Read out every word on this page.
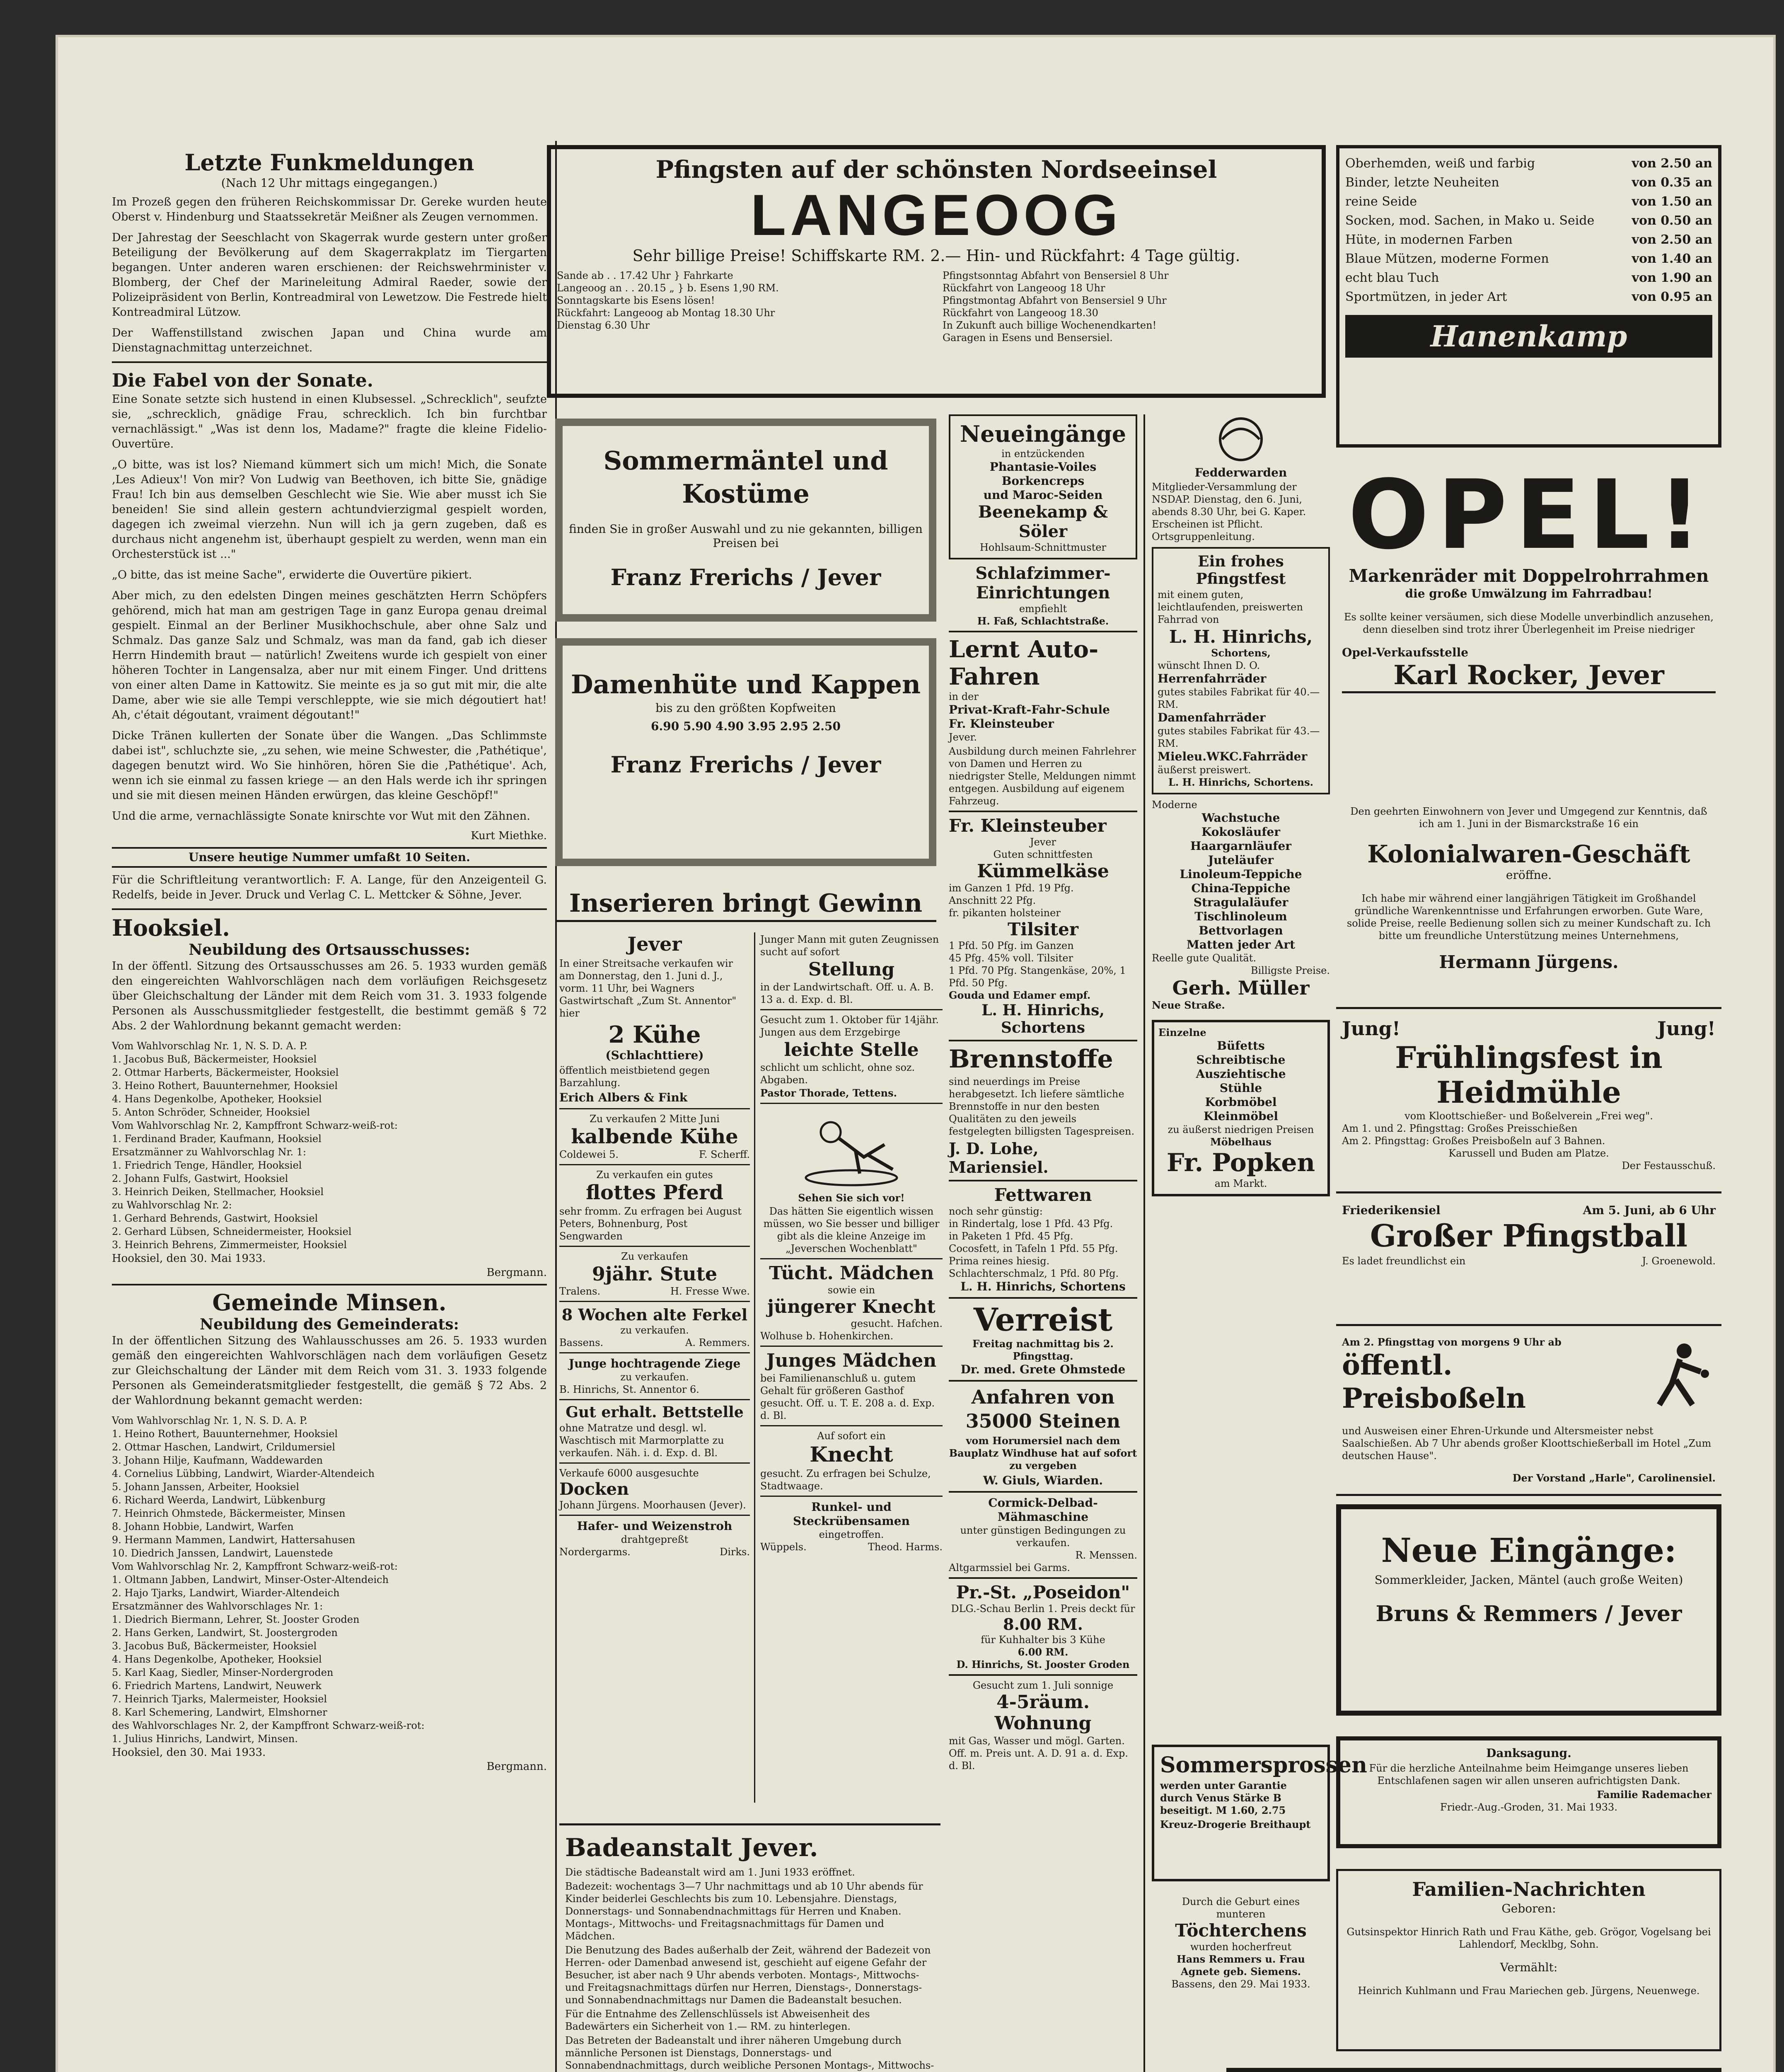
Letzte Funkmeldungen
(Nach 12 Uhr mittags eingegangen.)

Im Prozeß gegen den früheren Reichskommissar Dr. Gereke wurden heute Oberst v. Hindenburg und Staatssekretär Meißner als Zeugen vernommen.

Der Jahrestag der Seeschlacht von Skagerrak wurde gestern unter großer Beteiligung der Bevölkerung auf dem Skagerrakplatz im Tiergarten begangen. Unter anderen waren erschienen: der Reichswehrminister v. Blomberg, der Chef der Marineleitung Admiral Raeder, sowie der Polizeipräsident von Berlin, Kontreadmiral von Lewetzow. Die Festrede hielt Kontreadmiral Lützow.

Der Waffenstillstand zwischen Japan und China wurde am Dienstagnachmittag unterzeichnet.

Die Fabel von der Sonate.

Eine Sonate setzte sich hustend in einen Klubsessel. „Schrecklich", seufzte sie, „schrecklich, gnädige Frau, schrecklich. Ich bin furchtbar vernachlässigt." „Was ist denn los, Madame?" fragte die kleine Fidelio-Ouvertüre.

„O bitte, was ist los? Niemand kümmert sich um mich! Mich, die Sonate ‚Les Adieux'! Von mir? Von Ludwig van Beethoven, ich bitte Sie, gnädige Frau! Ich bin aus demselben Geschlecht wie Sie. Wie aber musst ich Sie beneiden! Sie sind allein gestern achtundvierzigmal gespielt worden, dagegen ich zweimal vierzehn. Nun will ich ja gern zugeben, daß es durchaus nicht angenehm ist, überhaupt gespielt zu werden, wenn man ein Orchesterstück ist ..."

„O bitte, das ist meine Sache", erwiderte die Ouvertüre pikiert.

Aber mich, zu den edelsten Dingen meines geschätzten Herrn Schöpfers gehörend, mich hat man am gestrigen Tage in ganz Europa genau dreimal gespielt. Einmal an der Berliner Musikhochschule, aber ohne Salz und Schmalz. Das ganze Salz und Schmalz, was man da fand, gab ich dieser Herrn Hindemith braut — natürlich! Zweitens wurde ich gespielt von einer höheren Tochter in Langensalza, aber nur mit einem Finger. Und drittens von einer alten Dame in Kattowitz. Sie meinte es ja so gut mit mir, die alte Dame, aber wie sie alle Tempi verschleppte, wie sie mich dégoutiert hat! Ah, c'était dégoutant, vraiment dégoutant!"

Dicke Tränen kullerten der Sonate über die Wangen. „Das Schlimmste dabei ist", schluchzte sie, „zu sehen, wie meine Schwester, die ‚Pathétique', dagegen benutzt wird. Wo Sie hinhören, hören Sie die ‚Pathétique'. Ach, wenn ich sie einmal zu fassen kriege — an den Hals werde ich ihr springen und sie mit diesen meinen Händen erwürgen, das kleine Geschöpf!"

Und die arme, vernachlässigte Sonate knirschte vor Wut mit den Zähnen.

Kurt Miethke.
Unsere heutige Nummer umfaßt 10 Seiten.

Für die Schriftleitung verantwortlich: F. A. Lange, für den Anzeigenteil G. Redelfs, beide in Jever. Druck und Verlag C. L. Mettcker & Söhne, Jever.

Hooksiel.
Neubildung des Ortsausschusses:

In der öffentl. Sitzung des Ortsausschusses am 26. 5. 1933 wurden gemäß den eingereichten Wahlvorschlägen nach dem vorläufigen Reichsgesetz über Gleichschaltung der Länder mit dem Reich vom 31. 3. 1933 folgende Personen als Ausschussmitglieder festgestellt, die bestimmt gemäß § 72 Abs. 2 der Wahlordnung bekannt gemacht werden:

Vom Wahlvorschlag Nr. 1, N. S. D. A. P.
1. Jacobus Buß, Bäckermeister, Hooksiel
2. Ottmar Harberts, Bäckermeister, Hooksiel
3. Heino Rothert, Bauunternehmer, Hooksiel
4. Hans Degenkolbe, Apotheker, Hooksiel
5. Anton Schröder, Schneider, Hooksiel
Vom Wahlvorschlag Nr. 2, Kampffront Schwarz-weiß-rot:
1. Ferdinand Brader, Kaufmann, Hooksiel
Ersatzmänner zu Wahlvorschlag Nr. 1:
1. Friedrich Tenge, Händler, Hooksiel
2. Johann Fulfs, Gastwirt, Hooksiel
3. Heinrich Deiken, Stellmacher, Hooksiel
zu Wahlvorschlag Nr. 2:
1. Gerhard Behrends, Gastwirt, Hooksiel
2. Gerhard Lübsen, Schneidermeister, Hooksiel
3. Heinrich Behrens, Zimmermeister, Hooksiel
Hooksiel, den 30. Mai 1933.
Bergmann.
Gemeinde Minsen.
Neubildung des Gemeinderats:

In der öffentlichen Sitzung des Wahlausschusses am 26. 5. 1933 wurden gemäß den eingereichten Wahlvorschlägen nach dem vorläufigen Gesetz zur Gleichschaltung der Länder mit dem Reich vom 31. 3. 1933 folgende Personen als Gemeinderatsmitglieder festgestellt, die gemäß § 72 Abs. 2 der Wahlordnung bekannt gemacht werden:

Vom Wahlvorschlag Nr. 1, N. S. D. A. P.
1. Heino Rothert, Bauunternehmer, Hooksiel
2. Ottmar Haschen, Landwirt, Crildumersiel
3. Johann Hilje, Kaufmann, Waddewarden
4. Cornelius Lübbing, Landwirt, Wiarder-Altendeich
5. Johann Janssen, Arbeiter, Hooksiel
6. Richard Weerda, Landwirt, Lübkenburg
7. Heinrich Ohmstede, Bäckermeister, Minsen
8. Johann Hobbie, Landwirt, Warfen
9. Hermann Mammen, Landwirt, Hattersahusen
10. Diedrich Janssen, Landwirt, Lauenstede
Vom Wahlvorschlag Nr. 2, Kampffront Schwarz-weiß-rot:
1. Oltmann Jabben, Landwirt, Minser-Oster-Altendeich
2. Hajo Tjarks, Landwirt, Wiarder-Altendeich
Ersatzmänner des Wahlvorschlages Nr. 1:
1. Diedrich Biermann, Lehrer, St. Jooster Groden
2. Hans Gerken, Landwirt, St. Joostergroden
3. Jacobus Buß, Bäckermeister, Hooksiel
4. Hans Degenkolbe, Apotheker, Hooksiel
5. Karl Kaag, Siedler, Minser-Nordergroden
6. Friedrich Martens, Landwirt, Neuwerk
7. Heinrich Tjarks, Malermeister, Hooksiel
8. Karl Schemering, Landwirt, Elmshorner
des Wahlvorschlages Nr. 2, der Kampffront Schwarz-weiß-rot:
1. Julius Hinrichs, Landwirt, Minsen.
Hooksiel, den 30. Mai 1933.
Bergmann.
Pfingsten auf der schönsten Nordseeinsel
LANGEOOG
Sehr billige Preise! Schiffskarte RM. 2.— Hin- und Rückfahrt: 4 Tage gültig.
Sande ab . . 17.42 Uhr } Fahrkarte
Langeoog an . . 20.15 „ } b. Esens 1,90 RM.
Sonntagskarte bis Esens lösen!
Rückfahrt: Langeoog ab Montag 18.30 Uhr
Dienstag 6.30 Uhr
Pfingstsonntag Abfahrt von Bensersiel 8 Uhr
Rückfahrt von Langeoog 18 Uhr
Pfingstmontag Abfahrt von Bensersiel 9 Uhr
Rückfahrt von Langeoog 18.30
In Zukunft auch billige Wochenendkarten!
Garagen in Esens und Bensersiel.
Oberhemden, weiß und farbig	von 2.50 an
Binder, letzte Neuheiten	von 0.35 an
reine Seide	von 1.50 an
Socken, mod. Sachen, in Mako u. Seide	von 0.50 an
Hüte, in modernen Farben	von 2.50 an
Blaue Mützen, moderne Formen	von 1.40 an
echt blau Tuch	von 1.90 an
Sportmützen, in jeder Art	von 0.95 an
Hanenkamp
OPEL!
Markenräder mit Doppelrohrrahmen
die große Umwälzung im Fahrradbau!

Es sollte keiner versäumen, sich diese Modelle unverbindlich anzusehen, denn dieselben sind trotz ihrer Überlegenheit im Preise niedriger

Opel-Verkaufsstelle
Karl Rocker, Jever

Den geehrten Einwohnern von Jever und Umgegend zur Kenntnis, daß ich am 1. Juni in der Bismarckstraße 16 ein

Kolonialwaren-Geschäft
eröffne.

Ich habe mir während einer langjährigen Tätigkeit im Großhandel gründliche Warenkenntnisse und Erfahrungen erworben. Gute Ware, solide Preise, reelle Bedienung sollen sich zu meiner Kundschaft zu. Ich bitte um freundliche Unterstützung meines Unternehmens,

Hermann Jürgens.
Jung!	Jung!
Frühlingsfest in Heidmühle
vom Kloottschießer- und Boßelverein „Frei weg".
Am 1. und 2. Pfingsttag: Großes Preisschießen
Am 2. Pfingsttag: Großes Preisboßeln auf 3 Bahnen.
Karussell und Buden am Platze.
Der Festausschuß.
Friederikensiel	Am 5. Juni, ab 6 Uhr
Großer Pfingstball
Es ladet freundlichst ein	J. Groenewold.
Am 2. Pfingsttag von morgens 9 Uhr ab
öffentl. Preisboßeln

und Ausweisen einer Ehren-Urkunde und Altersmeister nebst Saalschießen. Ab 7 Uhr abends großer Kloottschießerball im Hotel „Zum deutschen Hause".

Der Vorstand „Harle", Carolinensiel.
Neue Eingänge:
Sommerkleider, Jacken, Mäntel (auch große Weiten)
Bruns & Remmers / Jever
Danksagung.

Für die herzliche Anteilnahme beim Heimgange unseres lieben Entschlafenen sagen wir allen unseren aufrichtigsten Dank.

Familie Rademacher
Friedr.-Aug.-Groden, 31. Mai 1933.
Familien-Nachrichten
Geboren:

Gutsinspektor Hinrich Rath und Frau Käthe, geb. Grögor, Vogelsang bei Lahlendorf, Mecklbg, Sohn.

Vermählt:

Heinrich Kuhlmann und Frau Mariechen geb. Jürgens, Neuenwege.

Sommermäntel und Kostüme

finden Sie in großer Auswahl und zu nie gekannten, billigen Preisen bei

Franz Frerichs / Jever
Damenhüte und Kappen
bis zu den größten Kopfweiten
6.90 5.90 4.90 3.95 2.95 2.50
Franz Frerichs / Jever
Inserieren bringt Gewinn
Jever

In einer Streitsache verkaufen wir am Donnerstag, den 1. Juni d. J., vorm. 11 Uhr, bei Wagners Gastwirtschaft „Zum St. Annentor" hier

2 Kühe
(Schlachttiere)

öffentlich meistbietend gegen Barzahlung.

Erich Albers & Fink
Zu verkaufen 2 Mitte Juni
kalbende Kühe
Coldewei 5.	F. Scherff.
Zu verkaufen ein gutes
flottes Pferd

sehr fromm. Zu erfragen bei August Peters, Bohnenburg, Post Sengwarden

Zu verkaufen
9jähr. Stute
Tralens.	H. Fresse Wwe.
8 Wochen alte Ferkel
zu verkaufen.
Bassens.	A. Remmers.
Junge hochtragende Ziege
zu verkaufen.
B. Hinrichs, St. Annentor 6.
Gut erhalt. Bettstelle

ohne Matratze und desgl. wl. Waschtisch mit Marmorplatte zu verkaufen. Näh. i. d. Exp. d. Bl.

Verkaufe 6000 ausgesuchte
Docken
Johann Jürgens. Moorhausen (Jever).
Hafer- und Weizenstroh
drahtgepreßt
Nordergarms.	Dirks.

Junger Mann mit guten Zeugnissen sucht auf sofort

Stellung

in der Landwirtschaft. Off. u. A. B. 13 a. d. Exp. d. Bl.

Gesucht zum 1. Oktober für 14jähr. Jungen aus dem Erzgebirge

leichte Stelle

schlicht um schlicht, ohne soz. Abgaben.

Pastor Thorade, Tettens.
Sehen Sie sich vor!

Das hätten Sie eigentlich wissen müssen, wo Sie besser und billiger gibt als die kleine Anzeige im „Jeverschen Wochenblatt"

Tücht. Mädchen
sowie ein
jüngerer Knecht
gesucht. Hafchen.
Wolhuse b. Hohenkirchen.
Junges Mädchen

bei Familienanschluß u. gutem Gehalt für größeren Gasthof gesucht. Off. u. T. E. 208 a. d. Exp. d. Bl.

Auf sofort ein
Knecht

gesucht. Zu erfragen bei Schulze, Stadtwaage.

Runkel- und Steckrübensamen
eingetroffen.
Wüppels.	Theod. Harms.
Badeanstalt Jever.

Die städtische Badeanstalt wird am 1. Juni 1933 eröffnet.

Badezeit: wochentags 3—7 Uhr nachmittags und ab 10 Uhr abends für Kinder beiderlei Geschlechts bis zum 10. Lebensjahre. Dienstags, Donnerstags- und Sonnabendnachmittags für Herren und Knaben. Montags-, Mittwochs- und Freitagsnachmittags für Damen und Mädchen.

Die Benutzung des Bades außerhalb der Zeit, während der Badezeit von Herren- oder Damenbad anwesend ist, geschieht auf eigene Gefahr der Besucher, ist aber nach 9 Uhr abends verboten. Montags-, Mittwochs- und Freitagsnachmittags dürfen nur Herren, Dienstags-, Donnerstags- und Sonnabendnachmittags nur Damen die Badeanstalt besuchen.

Für die Entnahme des Zellenschlüssels ist Abweisenheit des Badewärters ein Sicherheit von 1.— RM. zu hinterlegen.

Das Betreten der Badeanstalt und ihrer näheren Umgebung durch männliche Personen ist Dienstags, Donnerstags- und Sonnabendnachmittags, durch weibliche Personen Montags-, Mittwochs-

Neueingänge
in entzückenden
Phantasie-Voiles
Borkencreps
und Maroc-Seiden
Beenekamp & Söler
Hohlsaum-Schnittmuster
Schlafzimmer-Einrichtungen
empfiehlt
H. Faß, Schlachtstraße.
Lernt Auto-Fahren
in der
Privat-Kraft-Fahr-Schule
Fr. Kleinsteuber
Jever.

Ausbildung durch meinen Fahrlehrer von Damen und Herren zu niedrigster Stelle, Meldungen nimmt entgegen. Ausbildung auf eigenem Fahrzeug.

Fr. Kleinsteuber
Jever
Guten schnittfesten
Kümmelkäse
im Ganzen 1 Pfd. 19 Pfg.
Anschnitt 22 Pfg.
fr. pikanten holsteiner
Tilsiter
1 Pfd. 50 Pfg. im Ganzen
45 Pfg. 45% voll. Tilsiter
1 Pfd. 70 Pfg. Stangenkäse, 20%, 1 Pfd. 50 Pfg.
Gouda und Edamer empf.
L. H. Hinrichs, Schortens
Brennstoffe

sind neuerdings im Preise herabgesetzt. Ich liefere sämtliche Brennstoffe in nur den besten Qualitäten zu den jeweils festgelegten billigsten Tagespreisen.

J. D. Lohe, Mariensiel.
Fettwaren
noch sehr günstig:
in Rindertalg, lose 1 Pfd. 43 Pfg.
in Paketen 1 Pfd. 45 Pfg.
Cocosfett, in Tafeln 1 Pfd. 55 Pfg.
Prima reines hiesig. Schlachterschmalz, 1 Pfd. 80 Pfg.
L. H. Hinrichs, Schortens
Verreist
Freitag nachmittag bis 2. Pfingsttag.
Dr. med. Grete Ohmstede
Anfahren von 35000 Steinen

vom Horumersiel nach dem Bauplatz Windhuse hat auf sofort zu vergeben

W. Giuls, Wiarden.
Cormick-Delbad-Mähmaschine
unter günstigen Bedingungen zu verkaufen.
R. Menssen.
Altgarmssiel bei Garms.
Pr.-St. „Poseidon"
DLG.-Schau Berlin 1. Preis deckt für
8.00 RM.
für Kuhhalter bis 3 Kühe
6.00 RM.
D. Hinrichs, St. Jooster Groden
Gesucht zum 1. Juli sonnige
4-5räum. Wohnung

mit Gas, Wasser und mögl. Garten. Off. m. Preis unt. A. D. 91 a. d. Exp. d. Bl.

Fedderwarden

Mitglieder-Versammlung der NSDAP. Dienstag, den 6. Juni, abends 8.30 Uhr, bei G. Kaper. Erscheinen ist Pflicht. Ortsgruppenleitung.

Ein frohes Pfingstfest

mit einem guten, leichtlaufenden, preiswerten Fahrrad von

L. H. Hinrichs,
Schortens,
wünscht Ihnen D. O.
Herrenfahrräder
gutes stabiles Fabrikat für 40.— RM.
Damenfahrräder
gutes stabiles Fabrikat für 43.— RM.
Mieleu.WKC.Fahrräder
äußerst preiswert.
L. H. Hinrichs, Schortens.
Moderne
Wachstuche
Kokosläufer
Haargarnläufer
Juteläufer
Linoleum-Teppiche
China-Teppiche
Stragulaläufer
Tischlinoleum
Bettvorlagen
Matten jeder Art
Reelle gute Qualität.
Billigste Preise.
Gerh. Müller
Neue Straße.
Einzelne
Büfetts
Schreibtische
Ausziehtische
Stühle
Korbmöbel
Kleinmöbel
zu äußerst niedrigen Preisen
Möbelhaus
Fr. Popken
am Markt.
Sommersprossen

werden unter Garantie durch Venus Stärke B beseitigt. M 1.60, 2.75

Kreuz-Drogerie Breithaupt
Durch die Geburt eines munteren
Töchterchens
wurden hocherfreut
Hans Remmers u. Frau Agnete geb. Siemens.
Bassens, den 29. Mai 1933.
